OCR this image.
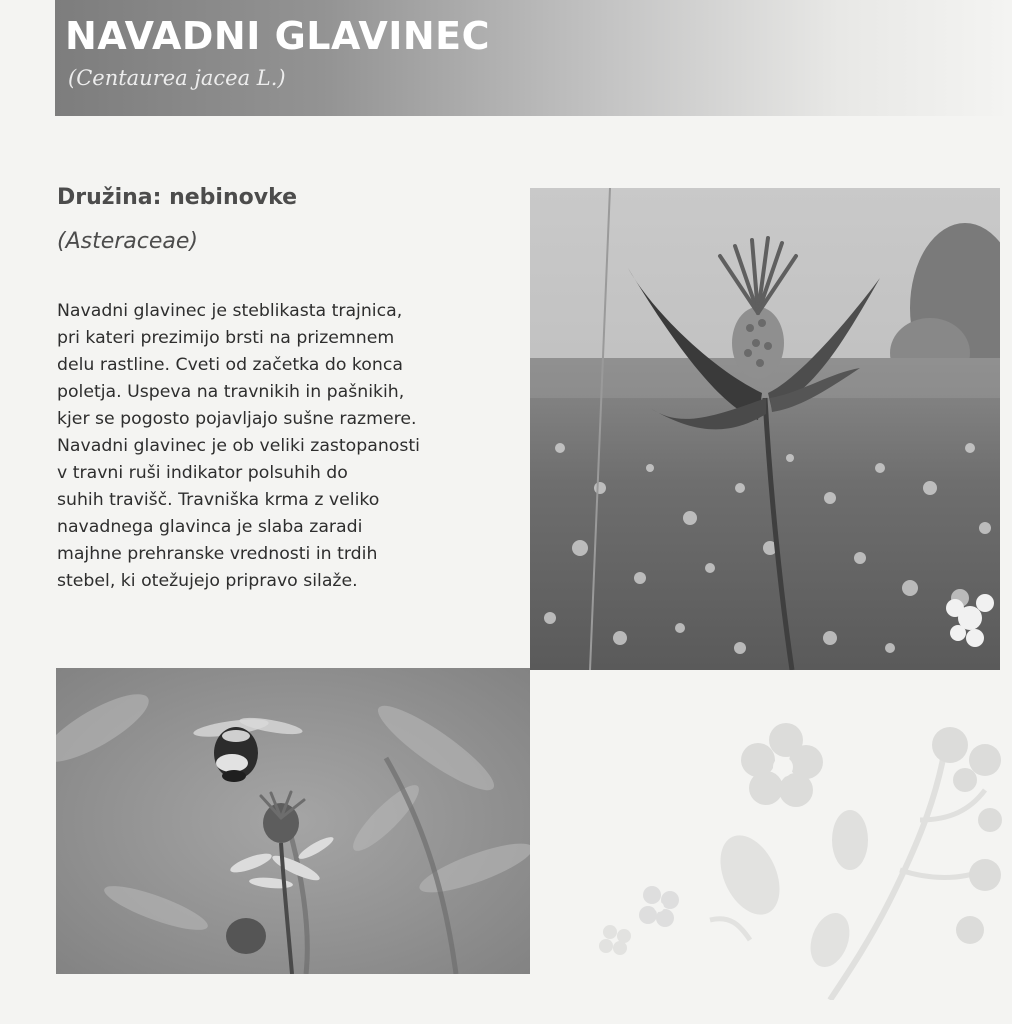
NAVADNI GLAVINEC
(Centaurea jacea L.)
Družina: nebinovke
(Asteraceae)
Navadni glavinec je steblikasta trajnica,
pri kateri prezimijo brsti na prizemnem
delu rastline. Cveti od začetka do konca
poletja. Uspeva na travnikih in pašnikih,
kjer se pogosto pojavljajo sušne razmere.
Navadni glavinec je ob veliki zastopanosti
v travni ruši indikator polsuhih do
suhih travišč. Travniška krma z veliko
navadnega glavinca je slaba zaradi
majhne prehranske vrednosti in trdih
stebel, ki otežujejo pripravo silaže.
